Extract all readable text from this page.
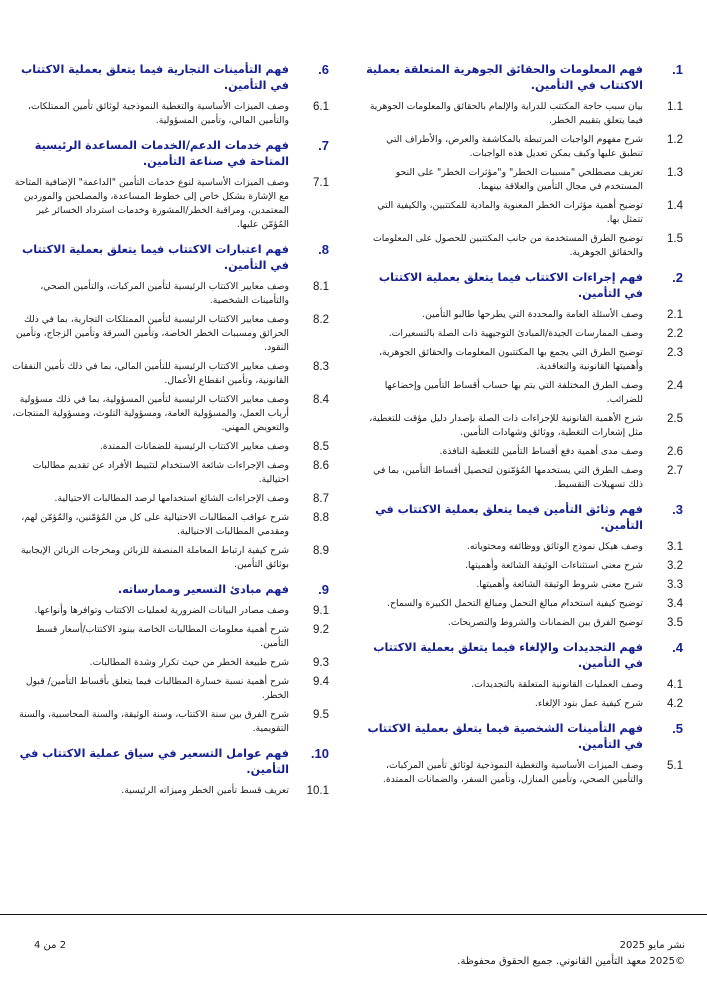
.1
فهم المعلومات والحقائق الجوهرية المتعلقة بعملية الاكتتاب في التأمين.
1.1
بيان سبب حاجة المكتتب للدراية والإلمام بالحقائق والمعلومات الجوهرية فيما يتعلق بتقييم الخطر.
1.2
شرح مفهوم الواجبات المرتبطة بالمكاشفة والعرض، والأطراف التي تنطبق عليها وكيف يمكن تعديل هذه الواجبات.
1.3
تعريف مصطلحي "مسببات الخطر" و"مؤثرات الخطر" على النحو المستخدم في مجال التأمين والعلاقة بينهما.
1.4
توضيح أهمية مؤثرات الخطر المعنوية والمادية للمكتتبين، والكيفية التي تتمثل بها.
1.5
توضيح الطرق المستخدمة من جانب المكتتبين للحصول على المعلومات والحقائق الجوهرية.
.2
فهم إجراءات الاكتتاب فيما يتعلق بعملية الاكتتاب في التأمين.
2.1
وصف الأسئلة العامة والمحددة التي يطرحها طالبو التأمين.
2.2
وصف الممارسات الجيدة/المبادئ التوجيهية ذات الصلة بالتسعيرات.
2.3
توضيح الطرق التي يجمع بها المكتتبون المعلومات والحقائق الجوهرية، وأهميتها القانونية والتعاقدية.
2.4
وصف الطرق المختلفة التي يتم بها حساب أقساط التأمين وإخضاعها للضرائب.
2.5
شرح الأهمية القانونية للإجراءات ذات الصلة بإصدار دليل مؤقت للتغطية، مثل إشعارات التغطية، ووثائق وشهادات التأمين.
2.6
وصف مدى أهمية دفع أقساط التأمين للتغطية النافذة.
2.7
وصف الطرق التي يستخدمها المُؤمّنون لتحصيل أقساط التأمين، بما في ذلك تسهيلات التقسيط.
.3
فهم وثائق التأمين فيما يتعلق بعملية الاكتتاب في التأمين.
3.1
وصف هيكل نموذج الوثائق ووظائفه ومحتوياته.
3.2
شرح معنى استثناءات الوثيقة الشائعة وأهميتها.
3.3
شرح معنى شروط الوثيقة الشائعة وأهميتها.
3.4
توضيح كيفية استخدام مبالغ التحمل ومبالغ التحمل الكبيرة والسماح.
3.5
توضيح الفرق بين الضمانات والشروط والتصريحات.
.4
فهم التجديدات والإلغاء فيما يتعلق بعملية الاكتتاب في التأمين.
4.1
وصف العمليات القانونية المتعلقة بالتجديدات.
4.2
شرح كيفية عمل بنود الإلغاء.
.5
فهم التأمينات الشخصية فيما يتعلق بعملية الاكتتاب في التأمين.
5.1
وصف الميزات الأساسية والتغطية النموذجية لوثائق تأمين المركبات، والتأمين الصحي، وتأمين المنازل، وتأمين السفر، والضمانات الممتدة.
.6
فهم التأمينات التجارية فيما يتعلق بعملية الاكتتاب في التأمين.
6.1
وصف الميزات الأساسية والتغطية النموذجية لوثائق تأمين الممتلكات، والتأمين المالي، وتأمين المسؤولية.
.7
فهم خدمات الدعم/الخدمات المساعدة الرئيسية المتاحة في صناعة التأمين.
7.1
وصف الميزات الأساسية لنوع خدمات التأمين "الداعمة" الإضافية المتاحة مع الإشارة بشكل خاص إلى خطوط المساعدة، والمصلحين والموردين المعتمدين، ومراقبة الخطر/المشورة وخدمات استرداد الخسائر غير المُؤمّن عليها.
.8
فهم اعتبارات الاكتتاب فيما يتعلق بعملية الاكتتاب في التأمين.
8.1
وصف معايير الاكتتاب الرئيسية لتأمين المركبات، والتأمين الصحي، والتأمينات الشخصية.
8.2
وصف معايير الاكتتاب الرئيسية لتأمين الممتلكات التجارية، بما في ذلك الحرائق ومسببات الخطر الخاصة، وتأمين السرقة وتأمين الزجاج، وتأمين النقود.
8.3
وصف معايير الاكتتاب الرئيسية للتأمين المالي، بما في ذلك تأمين النفقات القانونية، وتأمين انقطاع الأعمال.
8.4
وصف معايير الاكتتاب الرئيسية لتأمين المسؤولية، بما في ذلك مسؤولية أرباب العمل، والمسؤولية العامة، ومسؤولية التلوث، ومسؤولية المنتجات، والتعويض المهني.
8.5
وصف معايير الاكتتاب الرئيسية للضمانات الممتدة.
8.6
وصف الإجراءات شائعة الاستخدام لتثبيط الأفراد عن تقديم مطالبات احتيالية.
8.7
وصف الإجراءات الشائع استخدامها لرصد المطالبات الاحتيالية.
8.8
شرح عواقب المطالبات الاحتيالية على كل من المُؤمّنين، والمُؤمّن لهم، ومقدمي المطالبات الاحتيالية.
8.9
شرح كيفية ارتباط المعاملة المنصفة للزبائن ومخرجات الزبائن الإيجابية بوثائق التأمين.
.9
فهم مبادئ التسعير وممارساته.
9.1
وصف مصادر البيانات الضرورية لعمليات الاكتتاب وتوافرها وأنواعها.
9.2
شرح أهمية معلومات المطالبات الخاصة ببنود الاكتتاب/أسعار قسط التأمين.
9.3
شرح طبيعة الخطر من حيث تكرار وشدة المطالبات.
9.4
شرح أهمية نسبة خسارة المطالبات فيما يتعلق بأقساط التأمين/ قبول الخطر.
9.5
شرح الفرق بين سنة الاكتتاب، وسنة الوثيقة، والسنة المحاسبية، والسنة التقويمية.
.10
فهم عوامل التسعير في سياق عملية الاكتتاب في التأمين.
10.1
تعريف قسط تأمين الخطر وميزاته الرئيسية.
نشر مايو 2025
©2025 معهد التأمين القانوني. جميع الحقوق محفوظة.
2 من 4
